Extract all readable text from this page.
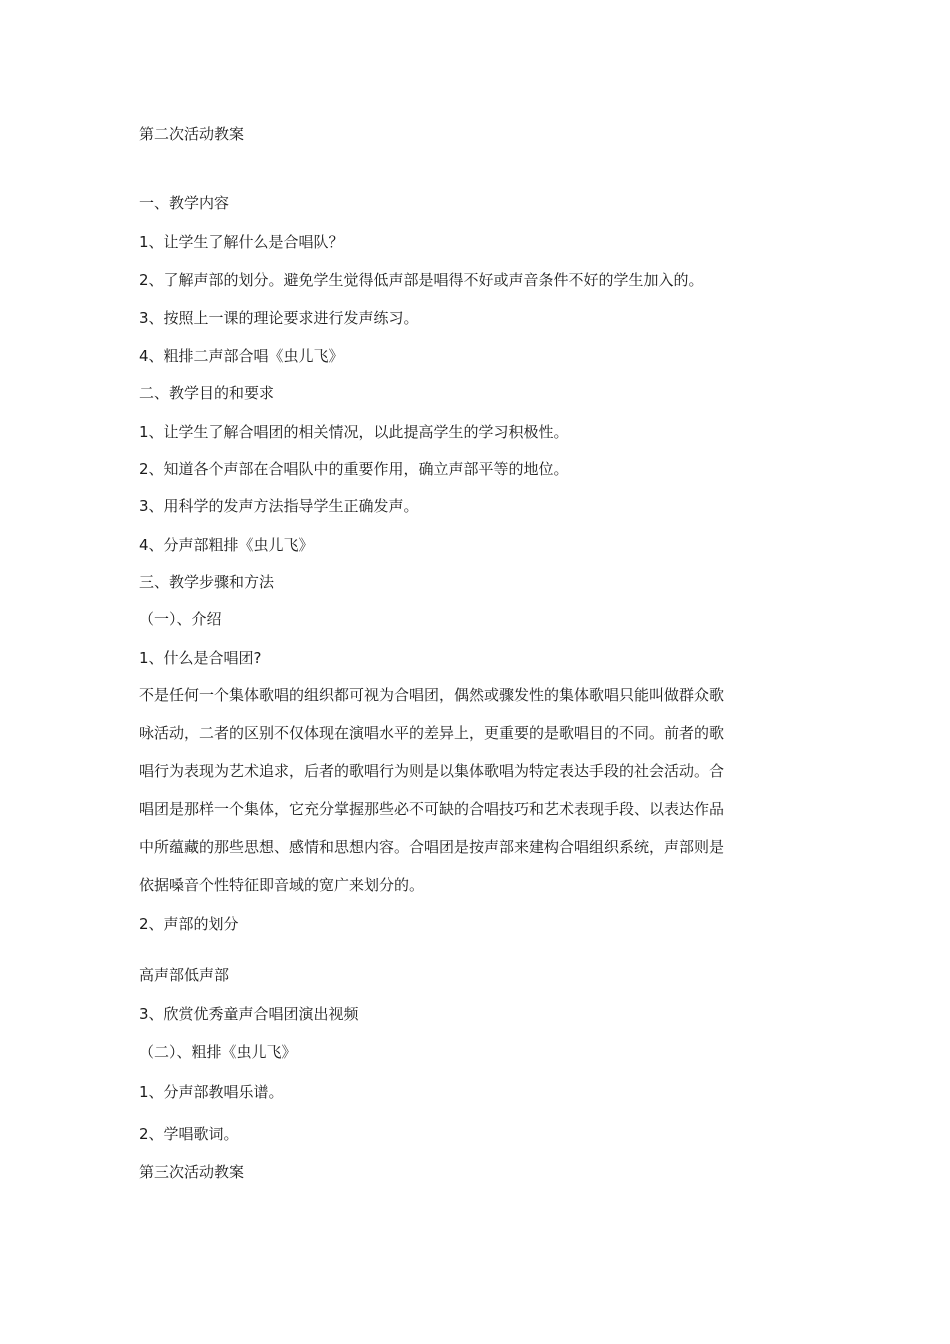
第二次活动教案
一、教学内容
1、让学生了解什么是合唱队？
2、了解声部的划分。避免学生觉得低声部是唱得不好或声音条件不好的学生加入的。
3、按照上一课的理论要求进行发声练习。
4、粗排二声部合唱《虫儿飞》
二、教学目的和要求
1、让学生了解合唱团的相关情况，以此提高学生的学习积极性。
2、知道各个声部在合唱队中的重要作用，确立声部平等的地位。
3、用科学的发声方法指导学生正确发声。
4、分声部粗排《虫儿飞》
三、教学步骤和方法
（一）、介绍
1、什么是合唱团?
不是任何一个集体歌唱的组织都可视为合唱团，偶然或骤发性的集体歌唱只能叫做群众歌
咏活动，二者的区别不仅体现在演唱水平的差异上，更重要的是歌唱目的不同。前者的歌
唱行为表现为艺术追求，后者的歌唱行为则是以集体歌唱为特定表达手段的社会活动。合
唱团是那样一个集体，它充分掌握那些必不可缺的合唱技巧和艺术表现手段、以表达作品
中所蕴藏的那些思想、感情和思想内容。合唱团是按声部来建构合唱组织系统，声部则是
依据嗓音个性特征即音域的宽广来划分的。
2、声部的划分
高声部低声部
3、欣赏优秀童声合唱团演出视频
（二）、粗排《虫儿飞》
1、分声部教唱乐谱。
2、学唱歌词。
第三次活动教案
